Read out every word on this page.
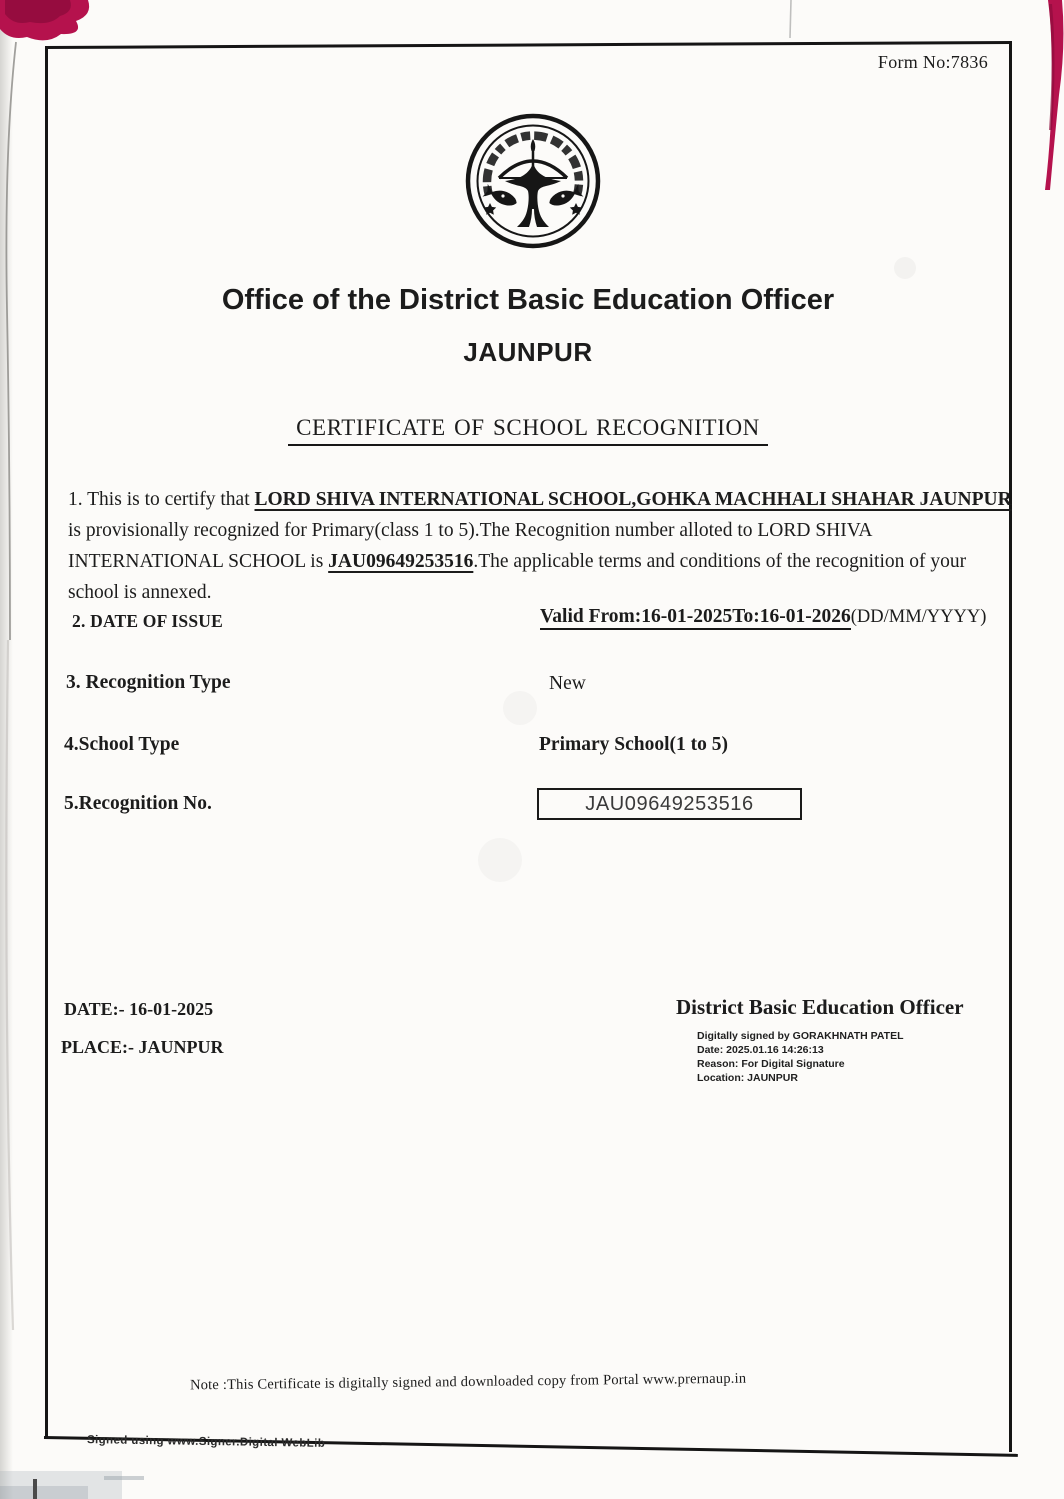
Form No:7836
Office of the District Basic Education Officer
JAUNPUR
CERTIFICATE OF SCHOOL RECOGNITION

1. This is to certify that LORD SHIVA INTERNATIONAL SCHOOL,GOHKA MACHHALI SHAHAR JAUNPUR is provisionally recognized for Primary(class 1 to 5).The Recognition number alloted to LORD SHIVA INTERNATIONAL SCHOOL is JAU09649253516.The applicable terms and conditions of the recognition of your school is annexed.

2. DATE OF ISSUE	Valid From:16-01-2025To:16-01-2026(DD/MM/YYYY)
3. Recognition Type	New
4.School Type	Primary School(1 to 5)
5.Recognition No.	JAU09649253516
DATE:- 16-01-2025
PLACE:- JAUNPUR
District Basic Education Officer
Digitally signed by GORAKHNATH PATEL
Date: 2025.01.16 14:26:13
Reason: For Digital Signature
Location: JAUNPUR
Note :This Certificate is digitally signed and downloaded copy from Portal www.prernaup.in
Signed using www.Signer.Digital WebLib
